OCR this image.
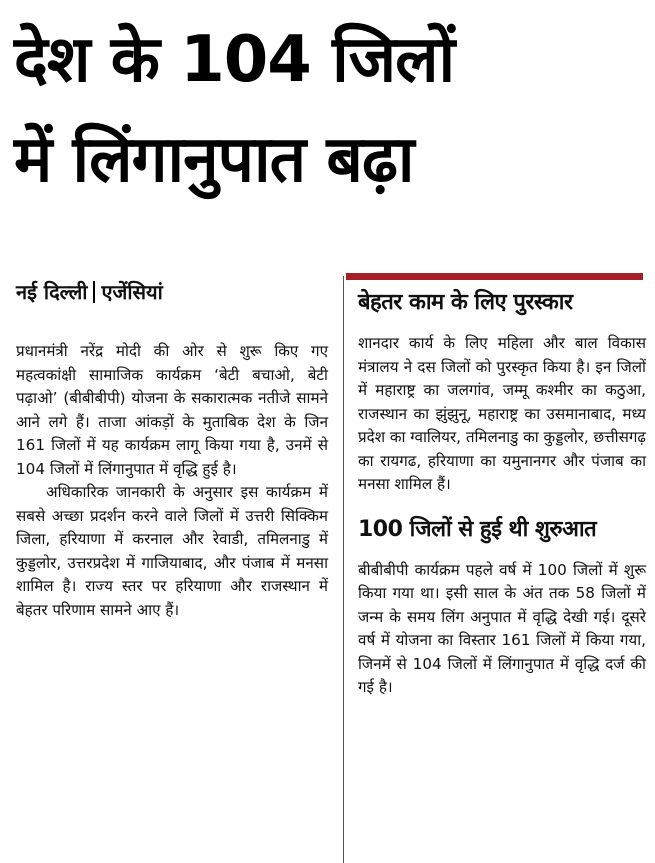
देश के 104 जिलों
में लिंगानुपात बढ़ा
नई दिल्ली एजेंसियां

प्रधानमंत्री नरेंद्र मोदी की ओर से शुरू किए गए महत्वकांक्षी सामाजिक कार्यक्रम ‘बेटी बचाओ, बेटी पढ़ाओ’ (बीबीबीपी) योजना के सकारात्मक नतीजे सामने आने लगे हैं। ताजा आंकड़ों के मुताबिक देश के जिन 161 जिलों में यह कार्यक्रम लागू किया गया है, उनमें से 104 जिलों में लिंगानुपात में वृद्धि हुई है।

अधिकारिक जानकारी के अनुसार इस कार्यक्रम में सबसे अच्छा प्रदर्शन करने वाले जिलों में उत्तरी सिक्किम जिला, हरियाणा में करनाल और रेवाडी, तमिलनाडु में कुड्डलोर, उत्तरप्रदेश में गाजियाबाद, और पंजाब में मनसा शामिल है। राज्य स्तर पर हरियाणा और राजस्थान में बेहतर परिणाम सामने आए हैं।

बेहतर काम के लिए पुरस्कार

शानदार कार्य के लिए महिला और बाल विकास मंत्रालय ने दस जिलों को पुरस्कृत किया है। इन जिलों में महाराष्ट्र का जलगांव, जम्मू कश्मीर का कठुआ, राजस्थान का झुंझुनू, महाराष्ट्र का उसमानाबाद, मध्य प्रदेश का ग्वालियर, तमिलनाडु का कुड्डलोर, छत्तीसगढ़ का रायगढ, हरियाणा का यमुनानगर और पंजाब का मनसा शामिल हैं।

100 जिलों से हुई थी शुरुआत

बीबीबीपी कार्यक्रम पहले वर्ष में 100 जिलों में शुरू किया गया था। इसी साल के अंत तक 58 जिलों में जन्म के समय लिंग अनुपात में वृद्धि देखी गई। दूसरे वर्ष में योजना का विस्तार 161 जिलों में किया गया, जिनमें से 104 जिलों में लिंगानुपात में वृद्धि दर्ज की गई है।
